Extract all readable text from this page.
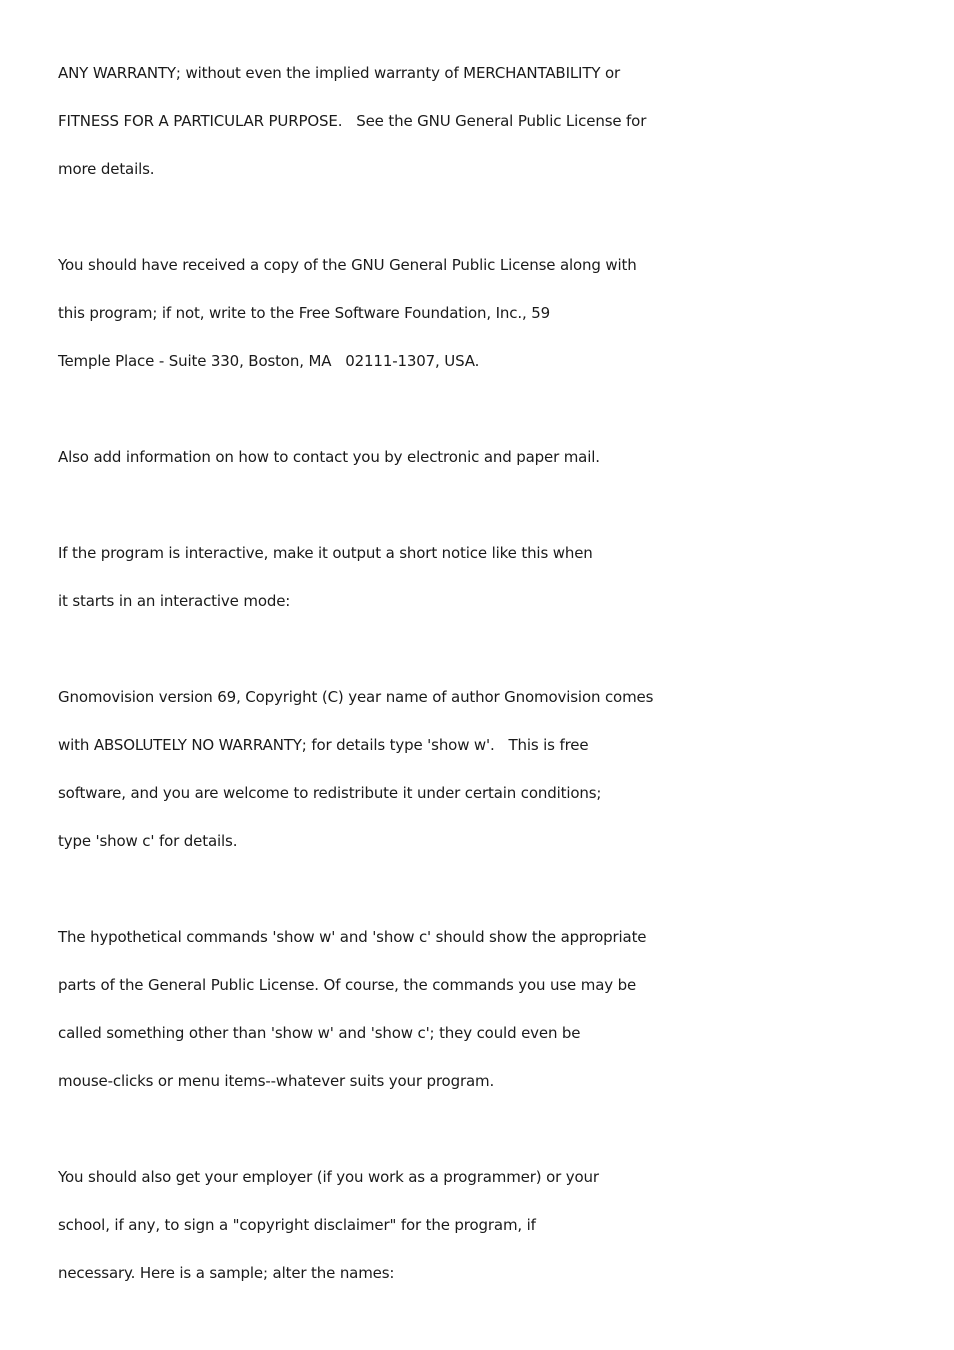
ANY WARRANTY; without even the implied warranty of MERCHANTABILITY or
FITNESS FOR A PARTICULAR PURPOSE.   See the GNU General Public License for
more details.
You should have received a copy of the GNU General Public License along with
this program; if not, write to the Free Software Foundation, Inc., 59
Temple Place - Suite 330, Boston, MA   02111-1307, USA.
Also add information on how to contact you by electronic and paper mail.
If the program is interactive, make it output a short notice like this when
it starts in an interactive mode:
Gnomovision version 69, Copyright (C) year name of author Gnomovision comes
with ABSOLUTELY NO WARRANTY; for details type 'show w'.   This is free
software, and you are welcome to redistribute it under certain conditions;
type 'show c' for details.
The hypothetical commands 'show w' and 'show c' should show the appropriate
parts of the General Public License. Of course, the commands you use may be
called something other than 'show w' and 'show c'; they could even be
mouse-clicks or menu items--whatever suits your program.
You should also get your employer (if you work as a programmer) or your
school, if any, to sign a "copyright disclaimer" for the program, if
necessary. Here is a sample; alter the names:
